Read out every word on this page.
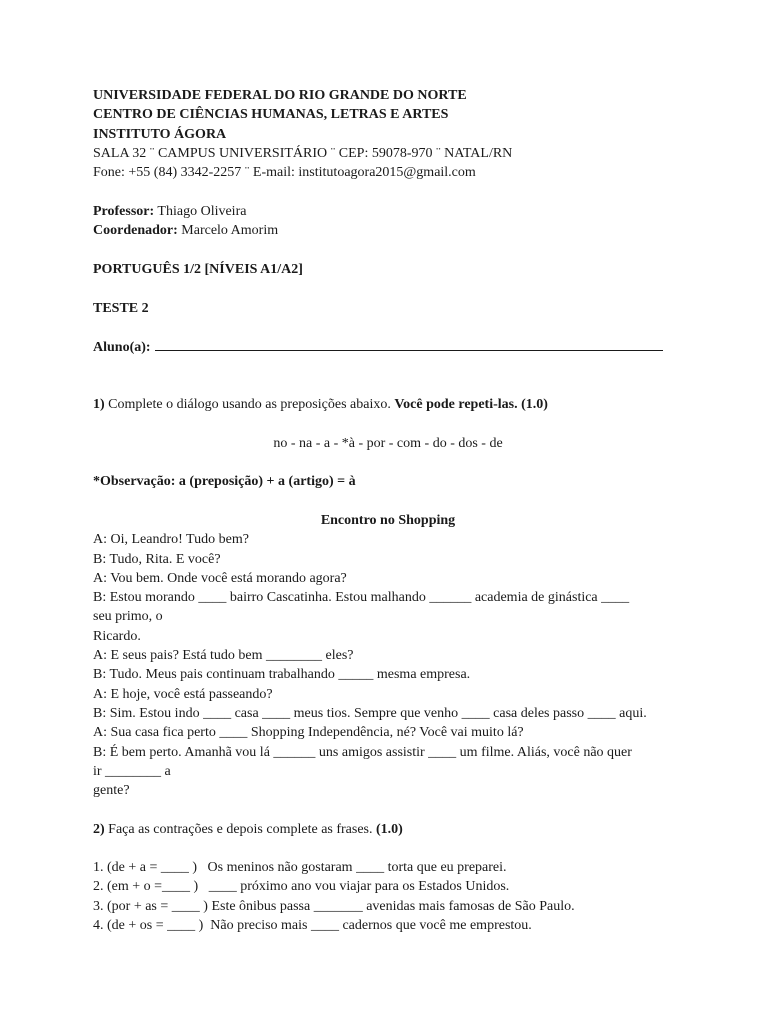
UNIVERSIDADE FEDERAL DO RIO GRANDE DO NORTE
CENTRO DE CIÊNCIAS HUMANAS, LETRAS E ARTES
INSTITUTO ÁGORA
SALA 32 ¨ CAMPUS UNIVERSITÁRIO ¨ CEP: 59078-970 ¨ NATAL/RN
Fone: +55 (84) 3342-2257 ¨ E-mail: institutoagora2015@gmail.com
Professor: Thiago Oliveira
Coordenador: Marcelo Amorim
PORTUGUÊS 1/2 [NÍVEIS A1/A2]
TESTE 2
Aluno(a):
1) Complete o diálogo usando as preposições abaixo. Você pode repeti-las. (1.0)
no - na - a - *à - por - com - do - dos - de
*Observação: a (preposição) + a (artigo) = à
Encontro no Shopping
A: Oi, Leandro! Tudo bem?
B: Tudo, Rita. E você?
A: Vou bem. Onde você está morando agora?
B: Estou morando ____ bairro Cascatinha. Estou malhando ______ academia de ginástica ____
seu primo, o
Ricardo.
A: E seus pais? Está tudo bem ________ eles?
B: Tudo. Meus pais continuam trabalhando _____ mesma empresa.
A: E hoje, você está passeando?
B: Sim. Estou indo ____ casa ____ meus tios. Sempre que venho ____ casa deles passo ____ aqui.
A: Sua casa fica perto ____ Shopping Independência, né? Você vai muito lá?
B: É bem perto. Amanhã vou lá ______ uns amigos assistir ____ um filme. Aliás, você não quer
ir ________ a
gente?
2) Faça as contrações e depois complete as frases. (1.0)
1. (de + a = ____ )   Os meninos não gostaram ____ torta que eu preparei.
2. (em + o =____ )   ____ próximo ano vou viajar para os Estados Unidos.
3. (por + as = ____ ) Este ônibus passa _______ avenidas mais famosas de São Paulo.
4. (de + os = ____ )  Não preciso mais ____ cadernos que você me emprestou.
